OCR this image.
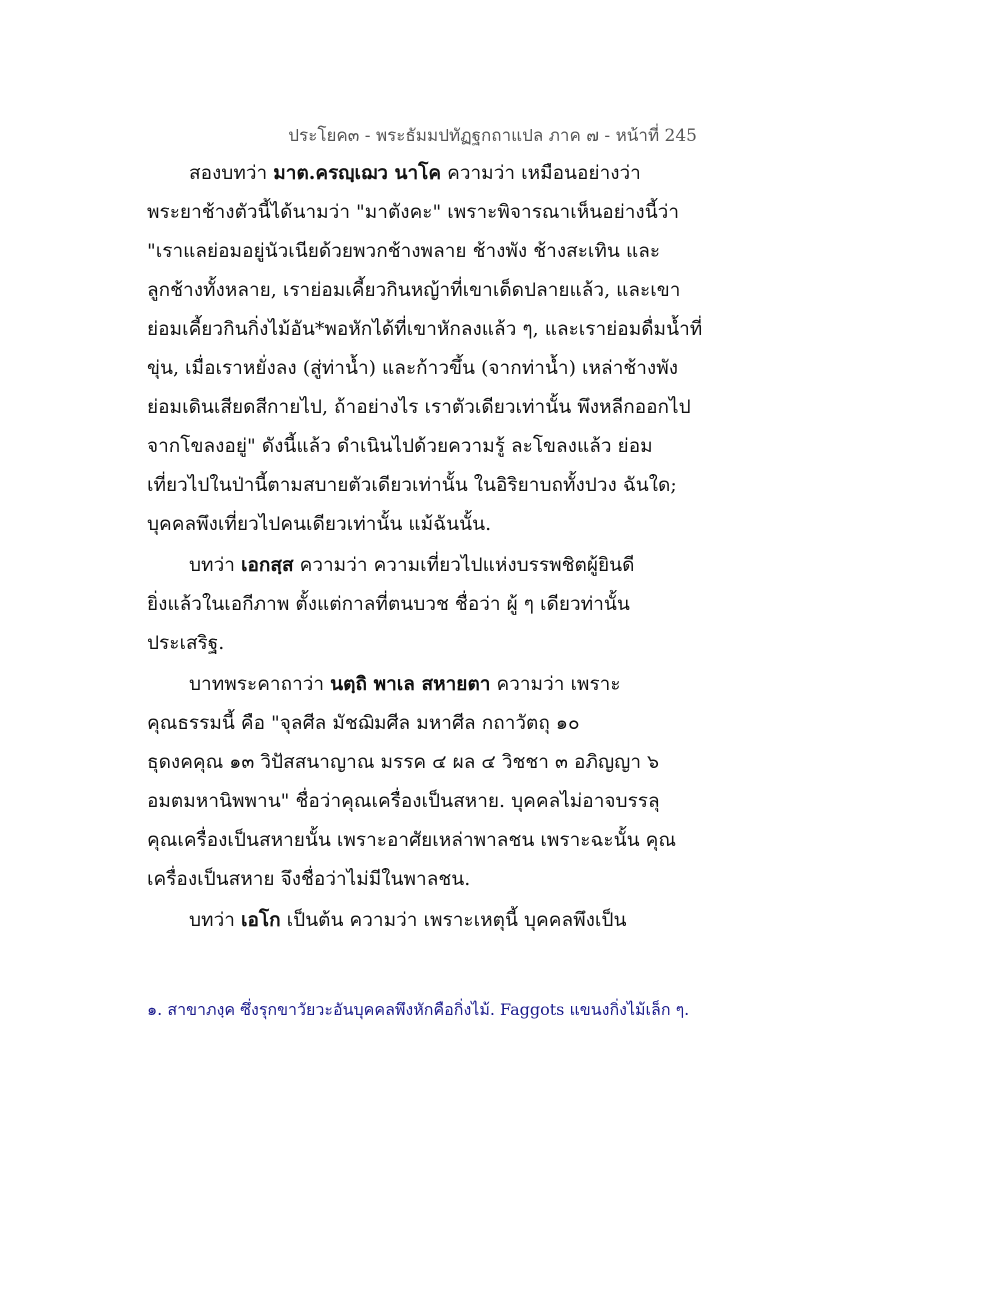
ประโยค๓ - พระธัมมปทัฏฐกถาแปล ภาค ๗ - หน้าที่ 245
สองบทว่า มาต.ครญฺเฌว นาโค ความว่า เหมือนอย่างว่า
พระยาช้างตัวนี้ได้นามว่า "มาตังคะ" เพราะพิจารณาเห็นอย่างนี้ว่า
"เราแลย่อมอยู่นัวเนียด้วยพวกช้างพลาย ช้างพัง ช้างสะเทิน และ
ลูกช้างทั้งหลาย, เราย่อมเคี้ยวกินหญ้าที่เขาเด็ดปลายแล้ว, และเขา
ย่อมเคี้ยวกินกิ่งไม้อัน*พอหักได้ที่เขาหักลงแล้ว ๆ, และเราย่อมดื่มน้ำที่
ขุ่น, เมื่อเราหยั่งลง (สู่ท่าน้ำ) และก้าวขึ้น (จากท่าน้ำ) เหล่าช้างพัง
ย่อมเดินเสียดสีกายไป, ถ้าอย่างไร เราตัวเดียวเท่านั้น พึงหลีกออกไป
จากโขลงอยู่" ดังนี้แล้ว ดำเนินไปด้วยความรู้ ละโขลงแล้ว ย่อม
เที่ยวไปในป่านี้ตามสบายตัวเดียวเท่านั้น ในอิริยาบถทั้งปวง ฉันใด;
บุคคลพึงเที่ยวไปคนเดียวเท่านั้น แม้ฉันนั้น.
บทว่า เอกสฺส ความว่า ความเที่ยวไปแห่งบรรพชิตผู้ยินดี
ยิ่งแล้วในเอกีภาพ ตั้งแต่กาลที่ตนบวช ชื่อว่า ผู้ ๆ เดียวท่านั้น
ประเสริฐ.
บาทพระคาถาว่า นตฺถิ พาเล สหายตา ความว่า เพราะ
คุณธรรมนี้ คือ "จุลศีล มัชฌิมศีล มหาศีล กถาวัตถุ ๑๐
ธุดงคคุณ ๑๓ วิปัสสนาญาณ มรรค ๔ ผล ๔ วิชชา ๓ อภิญญา ๖
อมตมหานิพพาน" ชื่อว่าคุณเครื่องเป็นสหาย. บุคคลไม่อาจบรรลุ
คุณเครื่องเป็นสหายนั้น เพราะอาศัยเหล่าพาลชน เพราะฉะนั้น คุณ
เครื่องเป็นสหาย จึงชื่อว่าไม่มีในพาลชน.
บทว่า เอโก เป็นต้น ความว่า เพราะเหตุนี้ บุคคลพึงเป็น
๑. สาขาภงฺค ซึ่งรุกขาวัยวะอันบุคคลพึงหักคือกิ่งไม้. Faggots แขนงกิ่งไม้เล็ก ๆ.
